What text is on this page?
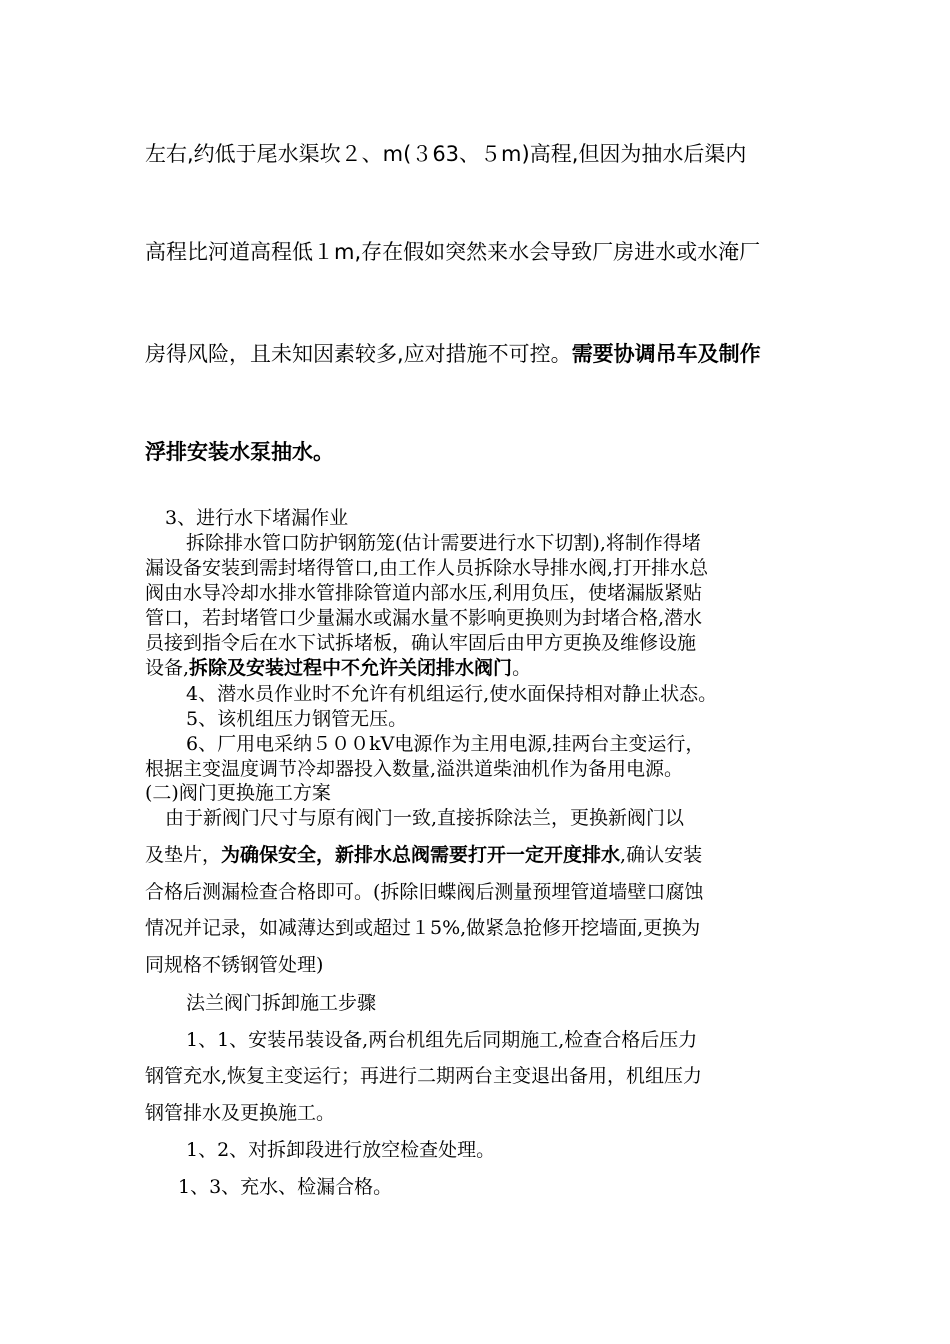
左右,约低于尾水渠坎２、m(３63、５m)高程,但因为抽水后渠内
高程比河道高程低１m,存在假如突然来水会导致厂房进水或水淹厂
房得风险，且未知因素较多,应对措施不可控。需要协调吊车及制作
浮排安装水泵抽水。
3、进行水下堵漏作业
拆除排水管口防护钢筋笼(估计需要进行水下切割),将制作得堵
漏设备安装到需封堵得管口,由工作人员拆除水导排水阀,打开排水总
阀由水导冷却水排水管排除管道内部水压,利用负压，使堵漏版紧贴
管口，若封堵管口少量漏水或漏水量不影响更换则为封堵合格,潜水
员接到指令后在水下试拆堵板，确认牢固后由甲方更换及维修设施
设备,拆除及安装过程中不允许关闭排水阀门。
4、潜水员作业时不允许有机组运行,使水面保持相对静止状态。
5、该机组压力钢管无压。
6、厂用电采纳５００kV电源作为主用电源,挂两台主变运行，
根据主变温度调节冷却器投入数量,溢洪道柴油机作为备用电源。
(二)阀门更换施工方案
由于新阀门尺寸与原有阀门一致,直接拆除法兰，更换新阀门以
及垫片，为确保安全，新排水总阀需要打开一定开度排水,确认安装
合格后测漏检查合格即可。(拆除旧蝶阀后测量预埋管道墙壁口腐蚀
情况并记录，如减薄达到或超过１5%,做紧急抢修开挖墙面,更换为
同规格不锈钢管处理)
法兰阀门拆卸施工步骤
1、1、安装吊装设备,两台机组先后同期施工,检查合格后压力
钢管充水,恢复主变运行；再进行二期两台主变退出备用，机组压力
钢管排水及更换施工。
1、2、对拆卸段进行放空检查处理。
1、3、充水、检漏合格。
